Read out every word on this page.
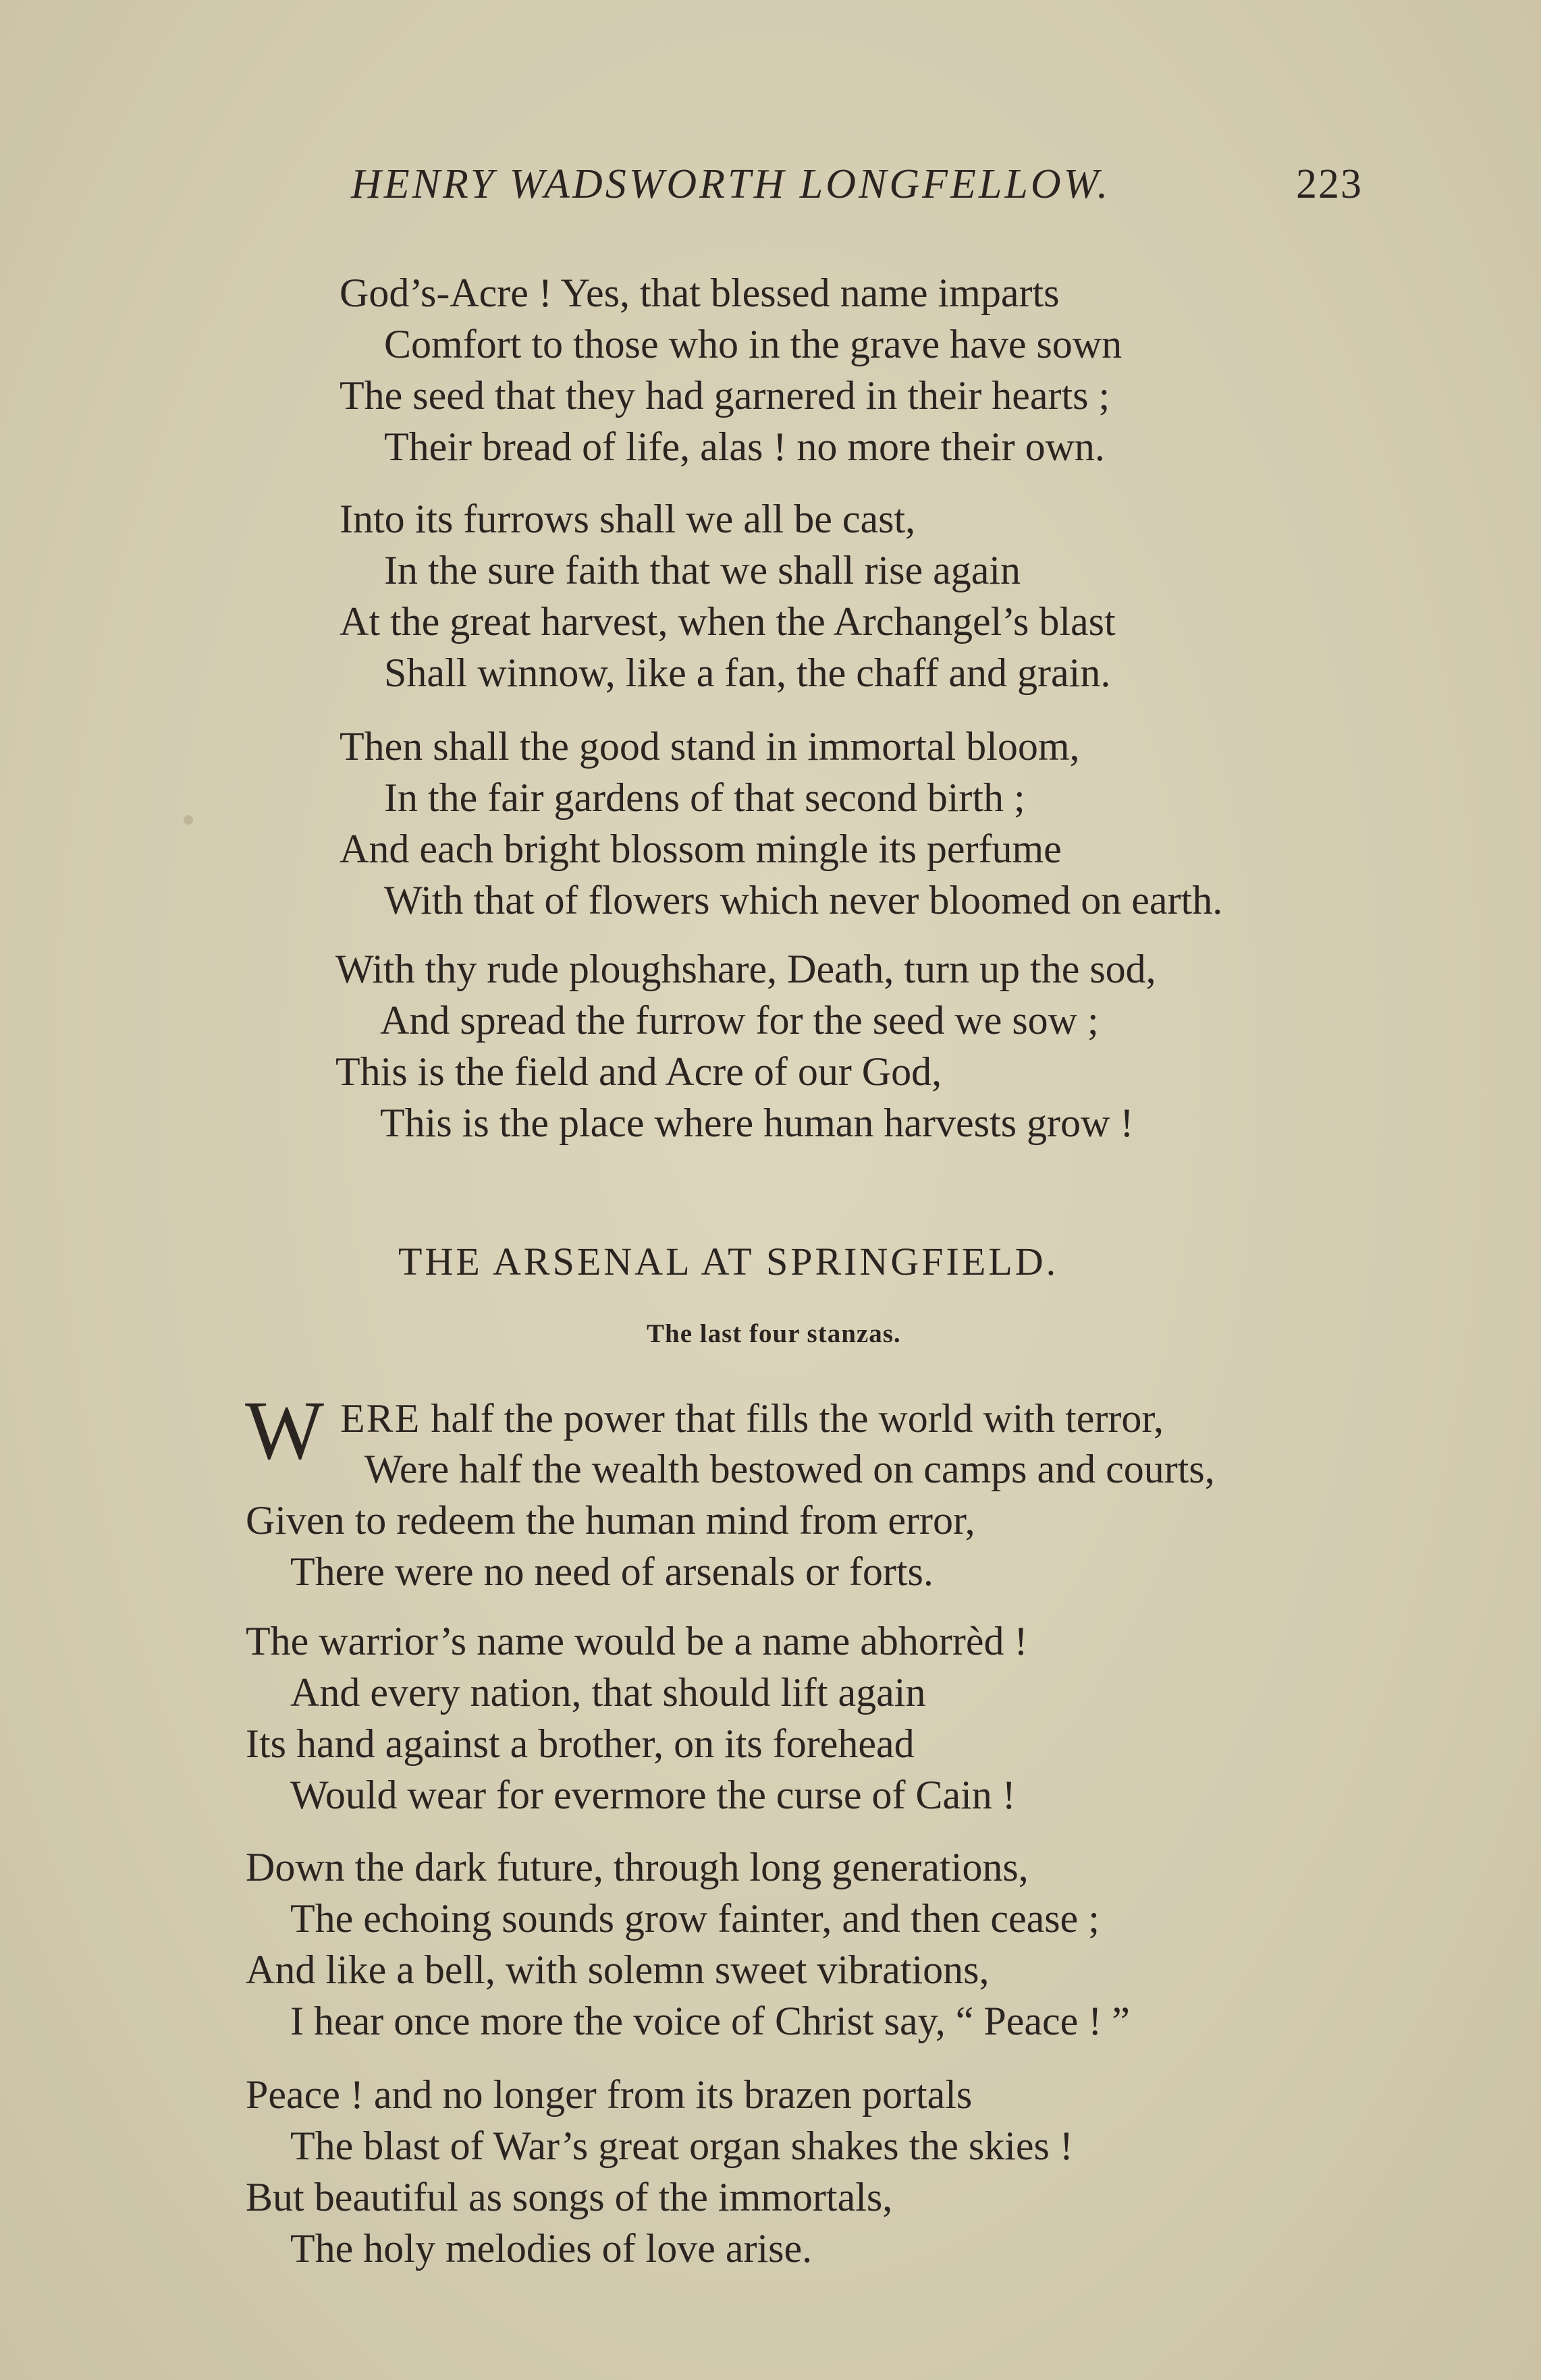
HENRY WADSWORTH LONGFELLOW.	223
God’s-Acre ! Yes, that blessed name imparts
Comfort to those who in the grave have sown
The seed that they had garnered in their hearts ;
Their bread of life, alas ! no more their own.
Into its furrows shall we all be cast,
In the sure faith that we shall rise again
At the great harvest, when the Archangel’s blast
Shall winnow, like a fan, the chaff and grain.
Then shall the good stand in immortal bloom,
In the fair gardens of that second birth ;
And each bright blossom mingle its perfume
With that of flowers which never bloomed on earth.
With thy rude ploughshare, Death, turn up the sod,
And spread the furrow for the seed we sow ;
This is the field and Acre of our God,
This is the place where human harvests grow !
THE ARSENAL AT SPRINGFIELD.
The last four stanzas.
W ERE half the power that fills the world with terror,
Were half the wealth bestowed on camps and courts,
Given to redeem the human mind from error,
There were no need of arsenals or forts.
The warrior’s name would be a name abhorrèd !
And every nation, that should lift again
Its hand against a brother, on its forehead
Would wear for evermore the curse of Cain !
Down the dark future, through long generations,
The echoing sounds grow fainter, and then cease ;
And like a bell, with solemn sweet vibrations,
I hear once more the voice of Christ say, “ Peace ! ”
Peace ! and no longer from its brazen portals
The blast of War’s great organ shakes the skies !
But beautiful as songs of the immortals,
The holy melodies of love arise.
